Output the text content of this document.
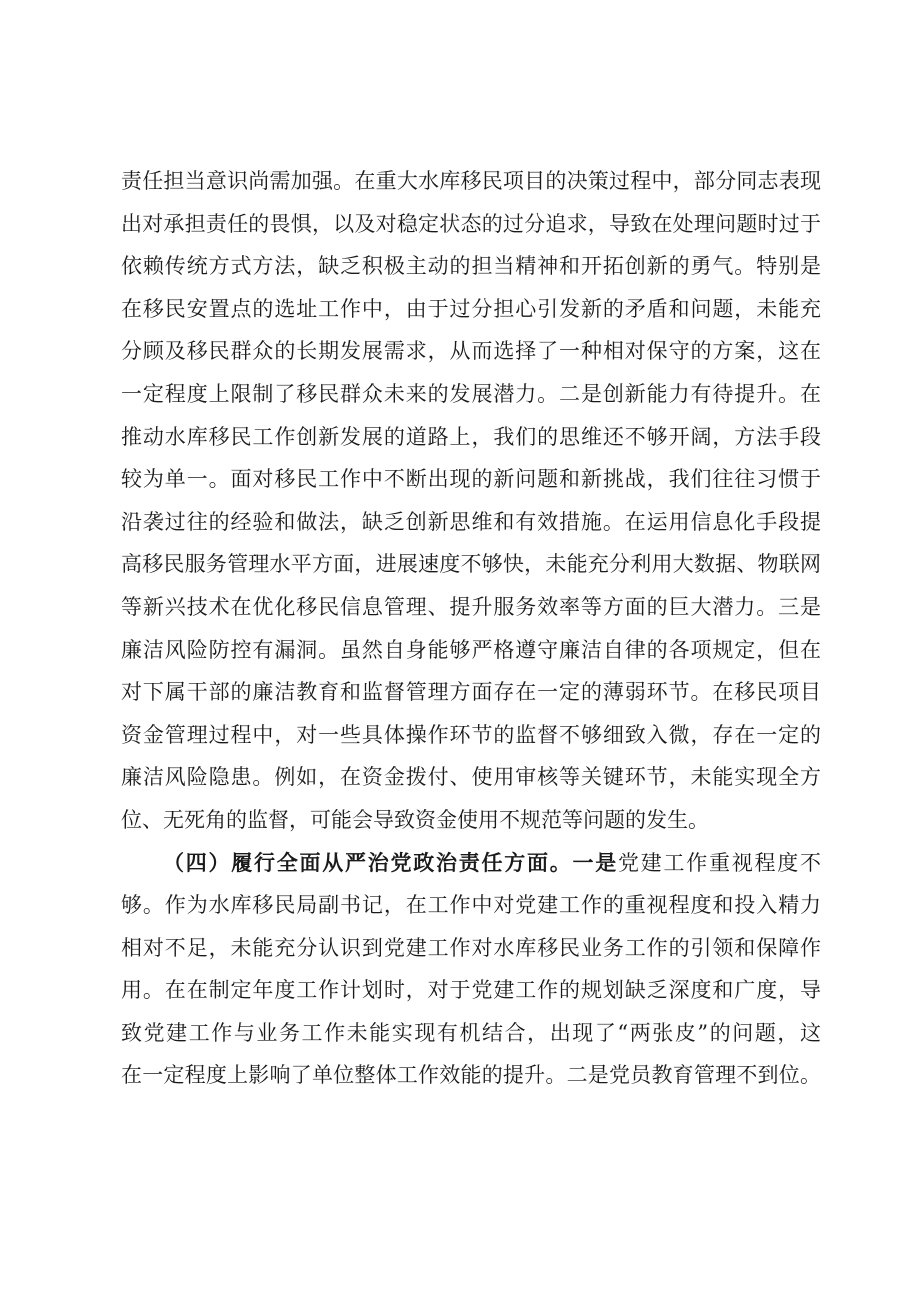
责任担当意识尚需加强。在重大水库移民项目的决策过程中，部分同志表现
出对承担责任的畏惧，以及对稳定状态的过分追求，导致在处理问题时过于
依赖传统方式方法，缺乏积极主动的担当精神和开拓创新的勇气。特别是
在移民安置点的选址工作中，由于过分担心引发新的矛盾和问题，未能充
分顾及移民群众的长期发展需求，从而选择了一种相对保守的方案，这在
一定程度上限制了移民群众未来的发展潜力。二是创新能力有待提升。在
推动水库移民工作创新发展的道路上，我们的思维还不够开阔，方法手段
较为单一。面对移民工作中不断出现的新问题和新挑战，我们往往习惯于
沿袭过往的经验和做法，缺乏创新思维和有效措施。在运用信息化手段提
高移民服务管理水平方面，进展速度不够快，未能充分利用大数据、物联网
等新兴技术在优化移民信息管理、提升服务效率等方面的巨大潜力。三是
廉洁风险防控有漏洞。虽然自身能够严格遵守廉洁自律的各项规定，但在
对下属干部的廉洁教育和监督管理方面存在一定的薄弱环节。在移民项目
资金管理过程中，对一些具体操作环节的监督不够细致入微，存在一定的
廉洁风险隐患。例如，在资金拨付、使用审核等关键环节，未能实现全方
位、无死角的监督，可能会导致资金使用不规范等问题的发生。
（四）履行全面从严治党政治责任方面。一是党建工作重视程度不
够。作为水库移民局副书记，在工作中对党建工作的重视程度和投入精力
相对不足，未能充分认识到党建工作对水库移民业务工作的引领和保障作
用。在在制定年度工作计划时，对于党建工作的规划缺乏深度和广度，导
致党建工作与业务工作未能实现有机结合，出现了“两张皮”的问题，这
在一定程度上影响了单位整体工作效能的提升。二是党员教育管理不到位。
